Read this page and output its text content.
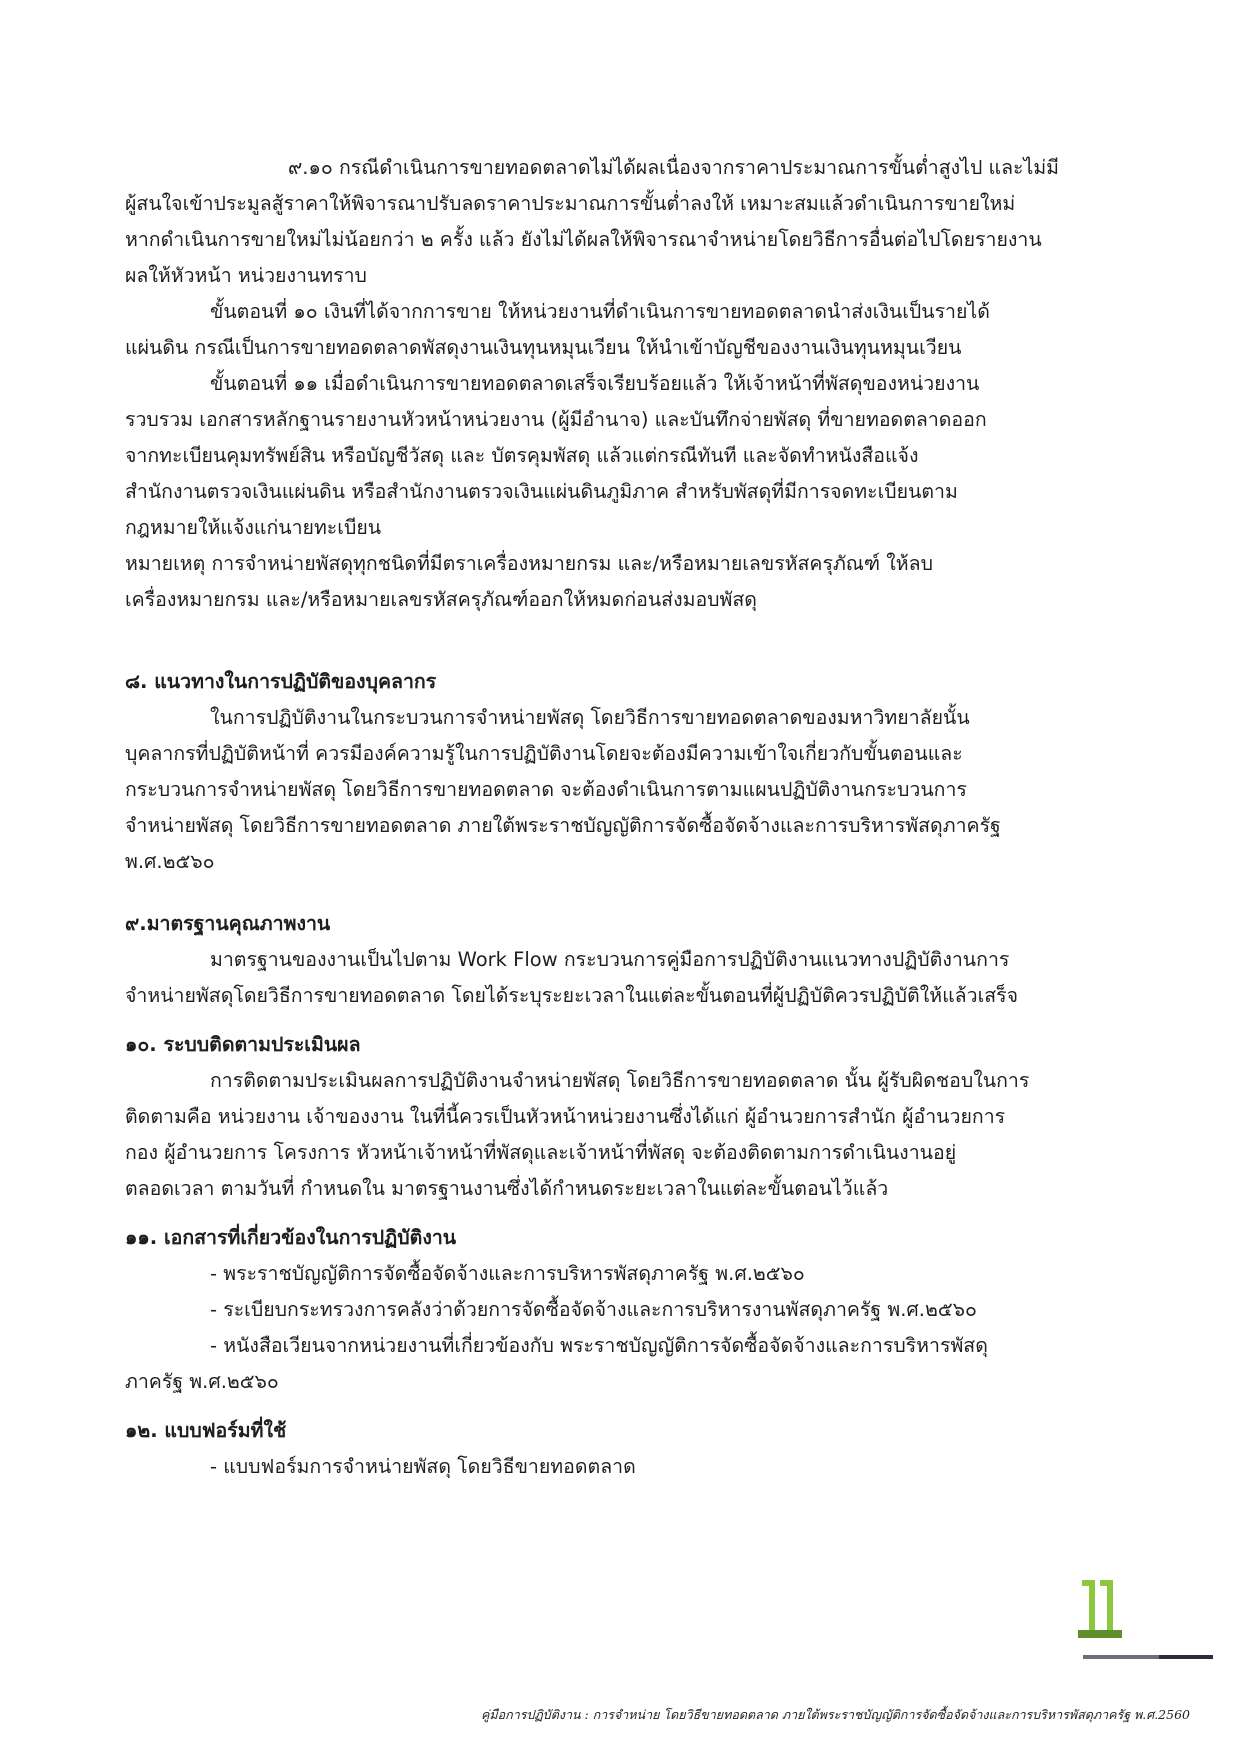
๙.๑๐ กรณีดำเนินการขายทอดตลาดไม่ได้ผลเนื่องจากราคาประมาณการขั้นต่ำสูงไป และไม่มี
ผู้สนใจเข้าประมูลสู้ราคาให้พิจารณาปรับลดราคาประมาณการขั้นต่ำลงให้ เหมาะสมแล้วดำเนินการขายใหม่
หากดำเนินการขายใหม่ไม่น้อยกว่า ๒ ครั้ง แล้ว ยังไม่ได้ผลให้พิจารณาจำหน่ายโดยวิธีการอื่นต่อไปโดยรายงาน
ผลให้หัวหน้า หน่วยงานทราบ
ขั้นตอนที่ ๑๐ เงินที่ได้จากการขาย ให้หน่วยงานที่ดำเนินการขายทอดตลาดนำส่งเงินเป็นรายได้
แผ่นดิน กรณีเป็นการขายทอดตลาดพัสดุงานเงินทุนหมุนเวียน ให้นำเข้าบัญชีของงานเงินทุนหมุนเวียน
ขั้นตอนที่ ๑๑ เมื่อดำเนินการขายทอดตลาดเสร็จเรียบร้อยแล้ว ให้เจ้าหน้าที่พัสดุของหน่วยงาน
รวบรวม เอกสารหลักฐานรายงานหัวหน้าหน่วยงาน (ผู้มีอำนาจ) และบันทึกจ่ายพัสดุ ที่ขายทอดตลาดออก
จากทะเบียนคุมทรัพย์สิน หรือบัญชีวัสดุ และ บัตรคุมพัสดุ แล้วแต่กรณีทันที และจัดทำหนังสือแจ้ง
สำนักงานตรวจเงินแผ่นดิน หรือสำนักงานตรวจเงินแผ่นดินภูมิภาค สำหรับพัสดุที่มีการจดทะเบียนตาม
กฎหมายให้แจ้งแก่นายทะเบียน
หมายเหตุ การจำหน่ายพัสดุทุกชนิดที่มีตราเครื่องหมายกรม และ/หรือหมายเลขรหัสครุภัณฑ์ ให้ลบ
เครื่องหมายกรม และ/หรือหมายเลขรหัสครุภัณฑ์ออกให้หมดก่อนส่งมอบพัสดุ
๘. แนวทางในการปฏิบัติของบุคลากร
ในการปฏิบัติงานในกระบวนการจำหน่ายพัสดุ โดยวิธีการขายทอดตลาดของมหาวิทยาลัยนั้น
บุคลากรที่ปฏิบัติหน้าที่ ควรมีองค์ความรู้ในการปฏิบัติงานโดยจะต้องมีความเข้าใจเกี่ยวกับขั้นตอนและ
กระบวนการจำหน่ายพัสดุ โดยวิธีการขายทอดตลาด จะต้องดำเนินการตามแผนปฏิบัติงานกระบวนการ
จำหน่ายพัสดุ โดยวิธีการขายทอดตลาด ภายใต้พระราชบัญญัติการจัดซื้อจัดจ้างและการบริหารพัสดุภาครัฐ
พ.ศ.๒๕๖๐
๙.มาตรฐานคุณภาพงาน
มาตรฐานของงานเป็นไปตาม Work Flow กระบวนการคู่มือการปฏิบัติงานแนวทางปฏิบัติงานการ
จำหน่ายพัสดุโดยวิธีการขายทอดตลาด โดยได้ระบุระยะเวลาในแต่ละขั้นตอนที่ผู้ปฏิบัติควรปฏิบัติให้แล้วเสร็จ
๑๐. ระบบติดตามประเมินผล
การติดตามประเมินผลการปฏิบัติงานจำหน่ายพัสดุ โดยวิธีการขายทอดตลาด นั้น ผู้รับผิดชอบในการ
ติดตามคือ หน่วยงาน เจ้าของงาน ในที่นี้ควรเป็นหัวหน้าหน่วยงานซึ่งได้แก่ ผู้อำนวยการสำนัก ผู้อำนวยการ
กอง ผู้อำนวยการ โครงการ หัวหน้าเจ้าหน้าที่พัสดุและเจ้าหน้าที่พัสดุ จะต้องติดตามการดำเนินงานอยู่
ตลอดเวลา ตามวันที่ กำหนดใน มาตรฐานงานซึ่งได้กำหนดระยะเวลาในแต่ละขั้นตอนไว้แล้ว
๑๑. เอกสารที่เกี่ยวข้องในการปฏิบัติงาน
- พระราชบัญญัติการจัดซื้อจัดจ้างและการบริหารพัสดุภาครัฐ พ.ศ.๒๕๖๐
- ระเบียบกระทรวงการคลังว่าด้วยการจัดซื้อจัดจ้างและการบริหารงานพัสดุภาครัฐ พ.ศ.๒๕๖๐
- หนังสือเวียนจากหน่วยงานที่เกี่ยวข้องกับ พระราชบัญญัติการจัดซื้อจัดจ้างและการบริหารพัสดุ
ภาครัฐ พ.ศ.๒๕๖๐
๑๒. แบบฟอร์มที่ใช้
- แบบฟอร์มการจำหน่ายพัสดุ โดยวิธีขายทอดตลาด
คู่มือการปฏิบัติงาน : การจำหน่าย โดยวิธีขายทอดตลาด ภายใต้พระราชบัญญัติการจัดซื้อจัดจ้างและการบริหารพัสดุภาครัฐ พ.ศ.2560
